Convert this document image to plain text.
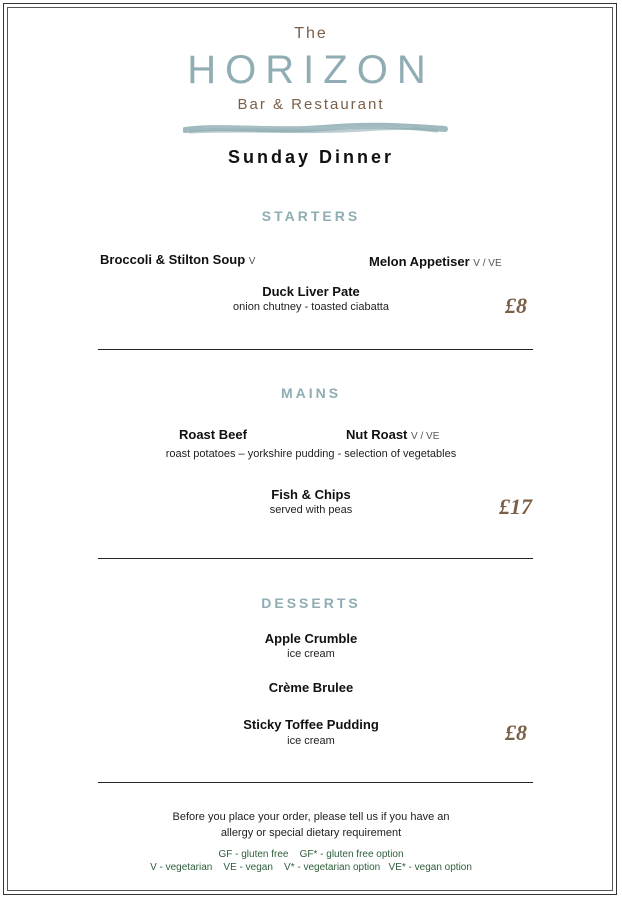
The
HORIZON
Bar & Restaurant
Sunday Dinner
STARTERS
Broccoli & Stilton Soup V	Melon Appetiser V / VE
Duck Liver Pate
onion chutney - toasted ciabatta	£8
MAINS
Roast Beef	Nut Roast V / VE
roast potatoes – yorkshire pudding - selection of vegetables
Fish & Chips
served with peas	£17
DESSERTS
Apple Crumble
ice cream
Crème Brulee
Sticky Toffee Pudding
ice cream	£8
Before you place your order, please tell us if you have an
allergy or special dietary requirement
GF - gluten free    GF* - gluten free option
V - vegetarian    VE - vegan    V* - vegetarian option   VE* - vegan option
